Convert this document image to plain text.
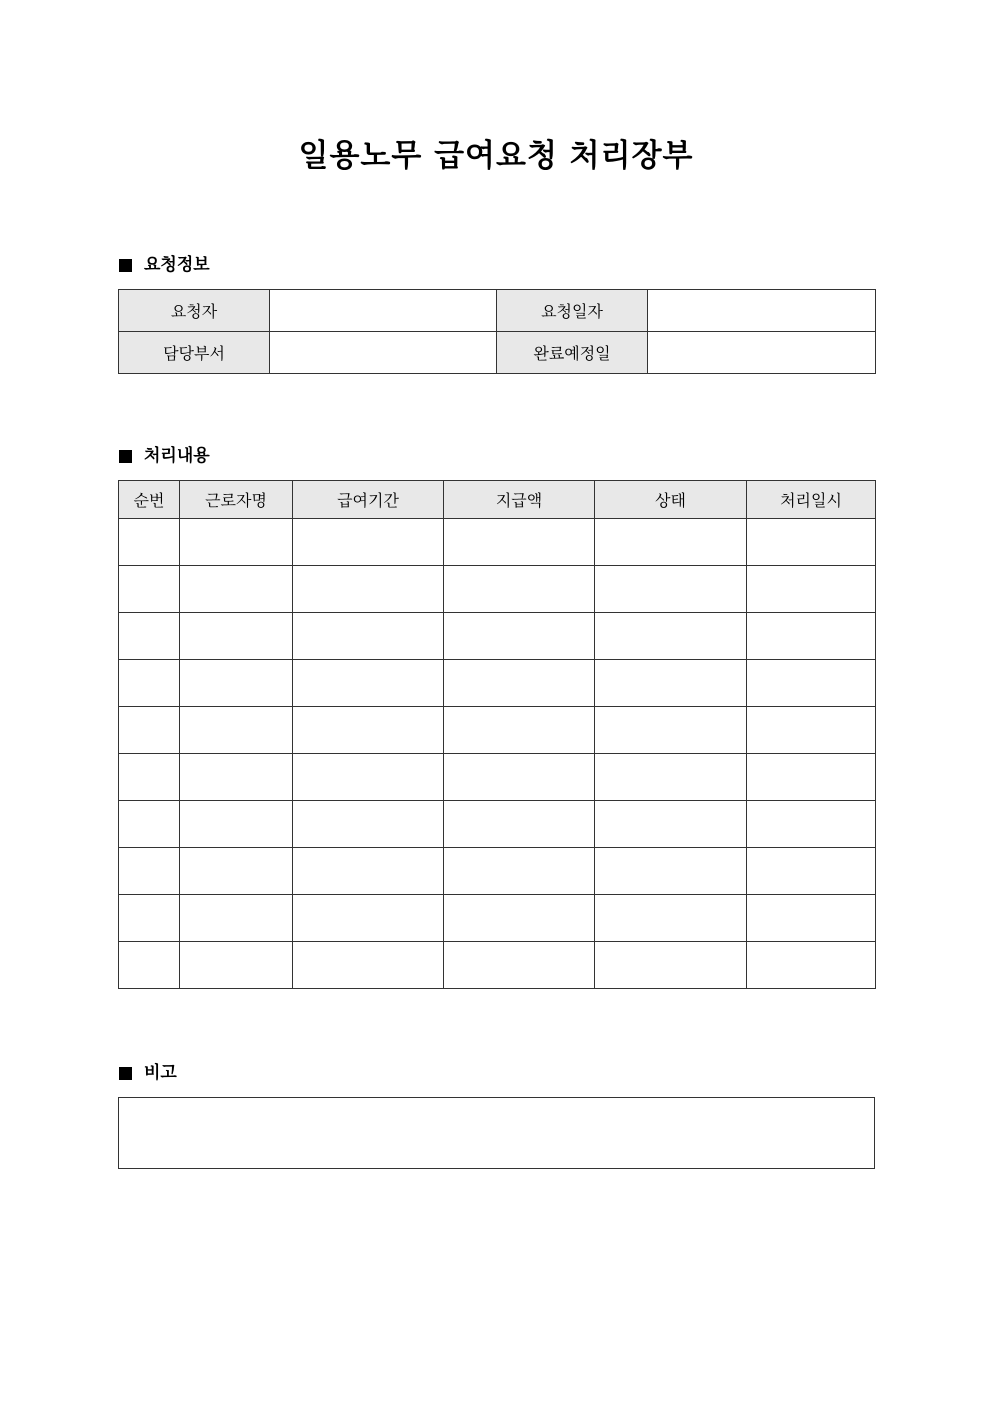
일용노무 급여요청 처리장부
요청정보
요청자		요청일자	
담당부서		완료예정일	
처리내용
순번	근로자명	급여기간	지급액	상태	처리일시

비고
